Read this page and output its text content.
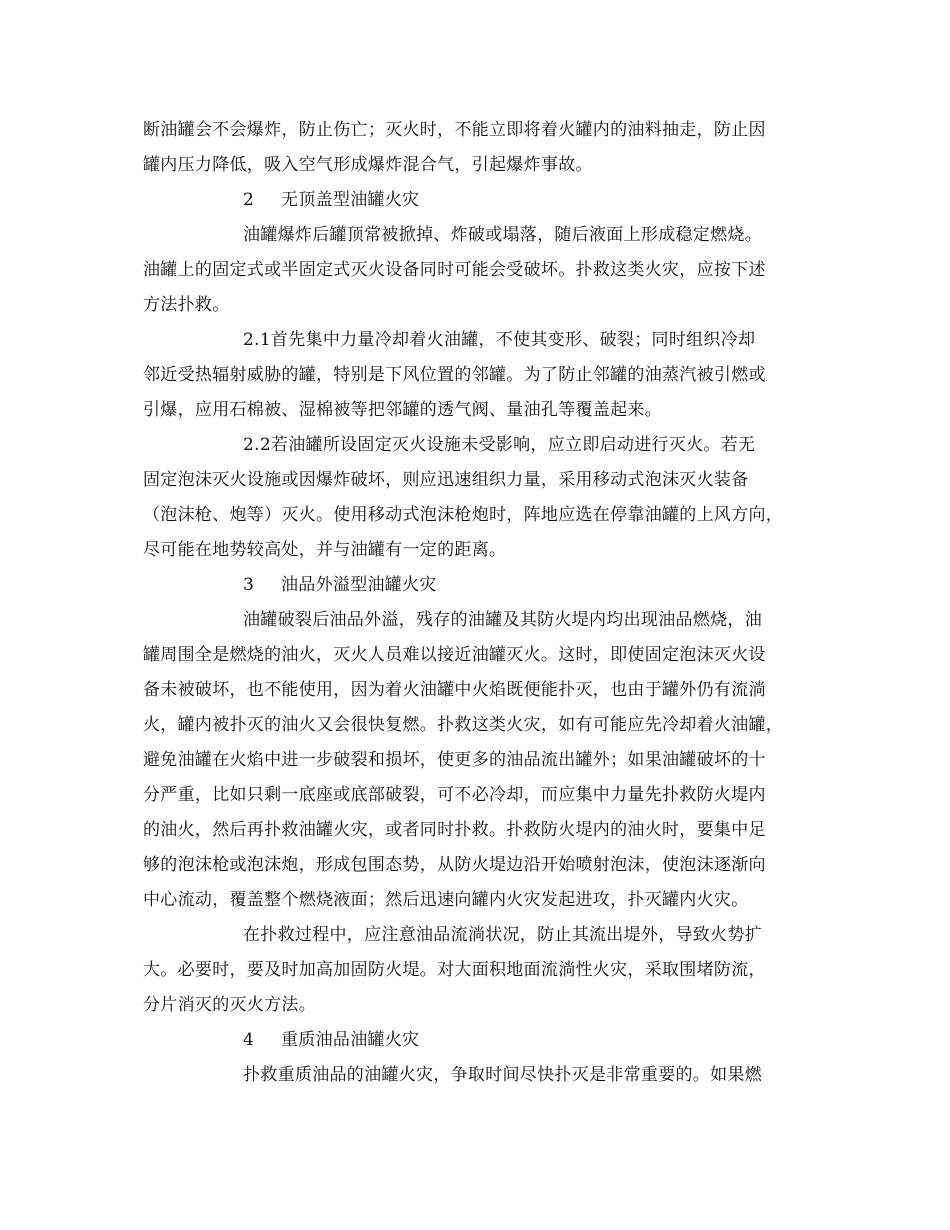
断油罐会不会爆炸，防止伤亡；灭火时，不能立即将着火罐内的油料抽走，防止因
罐内压力降低，吸入空气形成爆炸混合气，引起爆炸事故。
2 无顶盖型油罐火灾
油罐爆炸后罐顶常被掀掉、炸破或塌落，随后液面上形成稳定燃烧。
油罐上的固定式或半固定式灭火设备同时可能会受破坏。扑救这类火灾，应按下述
方法扑救。
2.1首先集中力量冷却着火油罐，不使其变形、破裂；同时组织冷却
邻近受热辐射威胁的罐，特别是下风位置的邻罐。为了防止邻罐的油蒸汽被引燃或
引爆，应用石棉被、湿棉被等把邻罐的透气阀、量油孔等覆盖起来。
2.2若油罐所设固定灭火设施未受影响，应立即启动进行灭火。若无
固定泡沫灭火设施或因爆炸破坏，则应迅速组织力量，采用移动式泡沫灭火装备
（泡沫枪、炮等）灭火。使用移动式泡沫枪炮时，阵地应选在停靠油罐的上风方向，
尽可能在地势较高处，并与油罐有一定的距离。
3 油品外溢型油罐火灾
油罐破裂后油品外溢，残存的油罐及其防火堤内均出现油品燃烧，油
罐周围全是燃烧的油火，灭火人员难以接近油罐灭火。这时，即使固定泡沫灭火设
备未被破坏，也不能使用，因为着火油罐中火焰既便能扑灭，也由于罐外仍有流淌
火，罐内被扑灭的油火又会很快复燃。扑救这类火灾，如有可能应先冷却着火油罐，
避免油罐在火焰中进一步破裂和损坏，使更多的油品流出罐外；如果油罐破坏的十
分严重，比如只剩一底座或底部破裂，可不必冷却，而应集中力量先扑救防火堤内
的油火，然后再扑救油罐火灾，或者同时扑救。扑救防火堤内的油火时，要集中足
够的泡沫枪或泡沫炮，形成包围态势，从防火堤边沿开始喷射泡沫，使泡沫逐渐向
中心流动，覆盖整个燃烧液面；然后迅速向罐内火灾发起进攻，扑灭罐内火灾。
在扑救过程中，应注意油品流淌状况，防止其流出堤外，导致火势扩
大。必要时，要及时加高加固防火堤。对大面积地面流淌性火灾，采取围堵防流，
分片消灭的灭火方法。
4 重质油品油罐火灾
扑救重质油品的油罐火灾，争取时间尽快扑灭是非常重要的。如果燃
